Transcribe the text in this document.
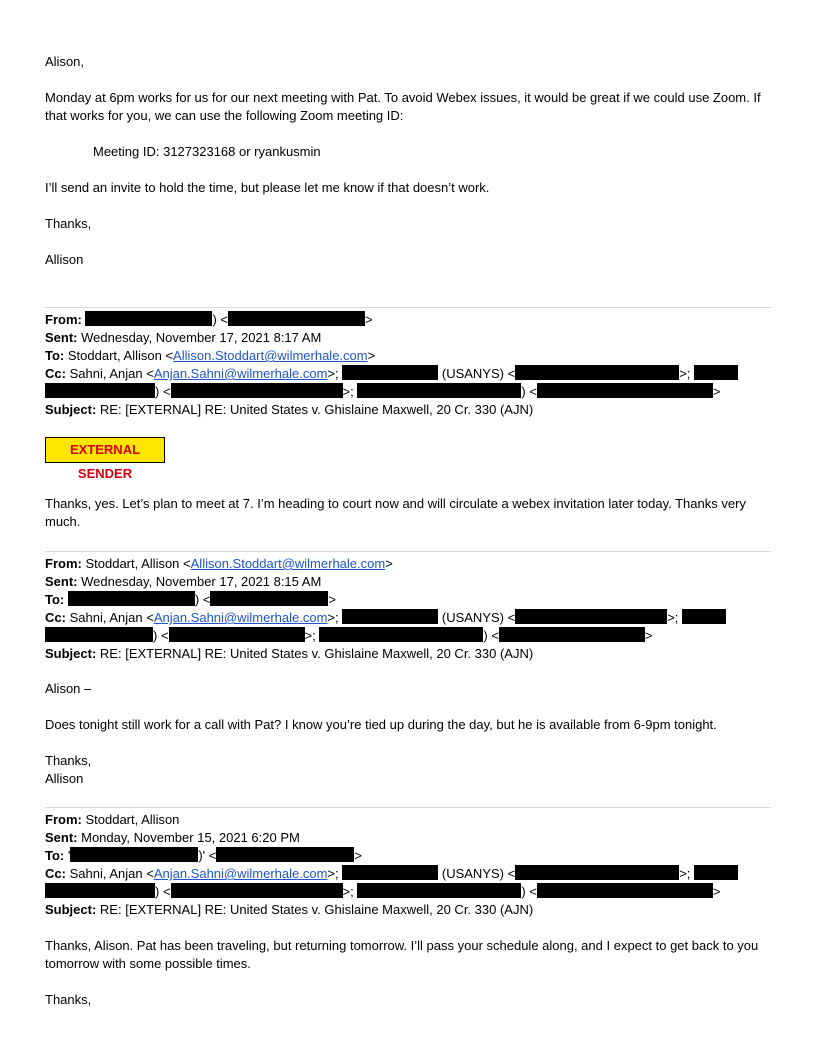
Alison,
Monday at 6pm works for us for our next meeting with Pat. To avoid Webex issues, it would be great if we could use Zoom. If that works for you, we can use the following Zoom meeting ID:
Meeting ID: 3127323168 or ryankusmin
I’ll send an invite to hold the time, but please let me know if that doesn’t work.
Thanks,
Allison
From:	) <	>
Sent: Wednesday, November 17, 2021 8:17 AM
To: Stoddart, Allison <Allison.Stoddart@wilmerhale.com>
Cc: Sahni, Anjan <Anjan.Sahni@wilmerhale.com>;	(USANYS) <	>;
) <	>;	) <	>
Subject: RE: [EXTERNAL] RE: United States v. Ghislaine Maxwell, 20 Cr. 330 (AJN)
EXTERNAL SENDER
Thanks, yes. Let’s plan to meet at 7. I’m heading to court now and will circulate a webex invitation later today. Thanks very much.
From: Stoddart, Allison <Allison.Stoddart@wilmerhale.com>
Sent: Wednesday, November 17, 2021 8:15 AM
To:	) <	>
Cc: Sahni, Anjan <Anjan.Sahni@wilmerhale.com>;	(USANYS) <	>;
) <	>;	) <	>
Subject: RE: [EXTERNAL] RE: United States v. Ghislaine Maxwell, 20 Cr. 330 (AJN)
Alison –
Does tonight still work for a call with Pat? I know you’re tied up during the day, but he is available from 6-9pm tonight.
Thanks,
Allison
From: Stoddart, Allison
Sent: Monday, November 15, 2021 6:20 PM
To: '	)' <	>
Cc: Sahni, Anjan <Anjan.Sahni@wilmerhale.com>;	(USANYS) <	>;
) <	>;	) <	>
Subject: RE: [EXTERNAL] RE: United States v. Ghislaine Maxwell, 20 Cr. 330 (AJN)
Thanks, Alison. Pat has been traveling, but returning tomorrow. I’ll pass your schedule along, and I expect to get back to you tomorrow with some possible times.
Thanks,
